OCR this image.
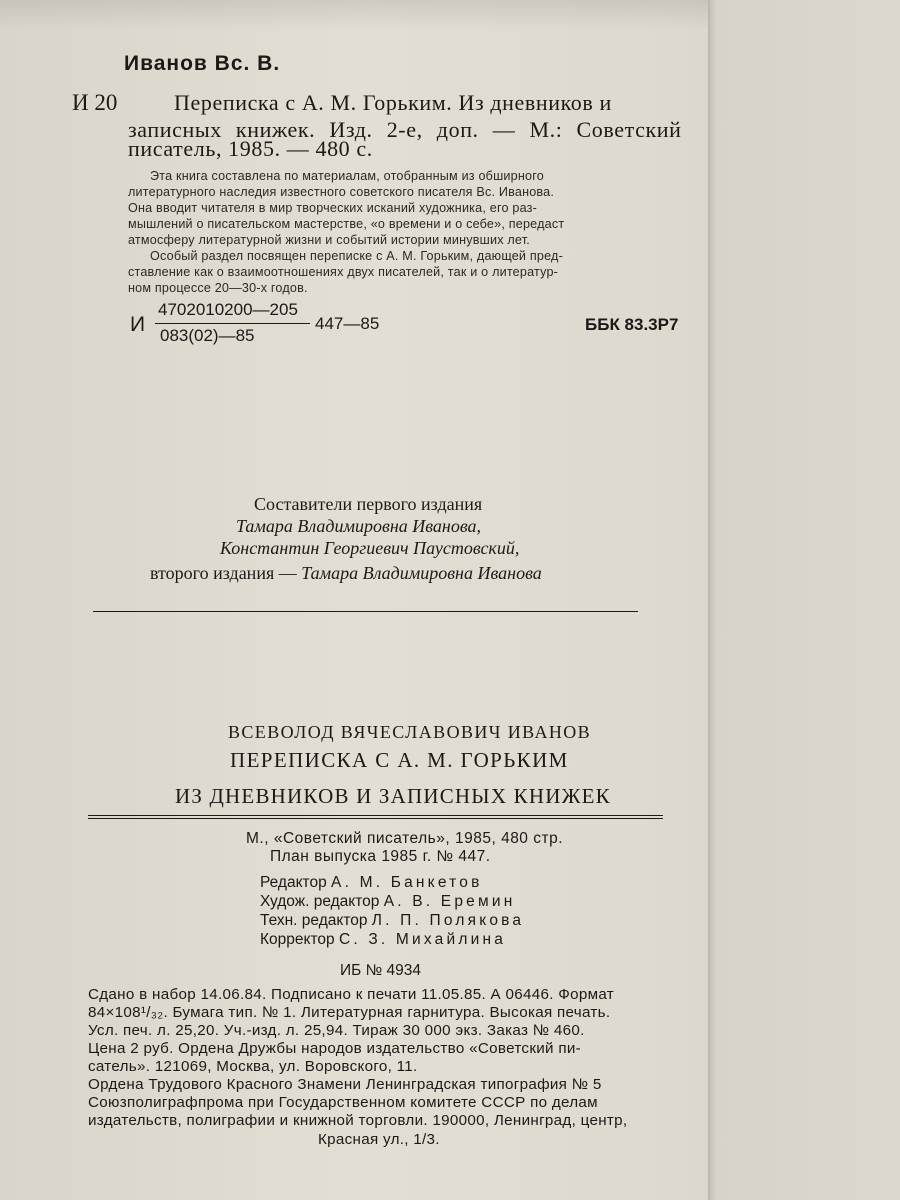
Иванов Вс. В.
И 20	Переписка с А. М. Горьким. Из дневников и
записных книжек. Изд. 2-е, доп. — М.: Советский
писатель, 1985. — 480 с.
Эта книга составлена по материалам, отобранным из обширного
литературного наследия известного советского писателя Вс. Иванова.
Она вводит читателя в мир творческих исканий художника, его раз-
мышлений о писательском мастерстве, «о времени и о себе», передаст
атмосферу литературной жизни и событий истории минувших лет.
Особый раздел посвящен переписке с А. М. Горьким, дающей пред-
ставление как о взаимоотношениях двух писателей, так и о литератур-
ном процессе 20—30-х годов.
И
4702010200—205
083(02)—85
447—85	ББК 83.3Р7
Составители первого издания
Тамара Владимировна Иванова,
Константин Георгиевич Паустовский,
второго издания — Тамара Владимировна Иванова
ВСЕВОЛОД ВЯЧЕСЛАВОВИЧ ИВАНОВ
ПЕРЕПИСКА С А. М. ГОРЬКИМ
ИЗ ДНЕВНИКОВ И ЗАПИСНЫХ КНИЖЕК
М., «Советский писатель», 1985, 480 стр.
План выпуска 1985 г. № 447.
Редактор А. М. Банкетов
Худож. редактор А. В. Еремин
Техн. редактор Л. П. Полякова
Корректор С. З. Михайлина
ИБ № 4934
Сдано в набор 14.06.84. Подписано к печати 11.05.85. А 06446. Формат
84×108¹/₃₂. Бумага тип. № 1. Литературная гарнитура. Высокая печать.
Усл. печ. л. 25,20. Уч.-изд. л. 25,94. Тираж 30 000 экз. Заказ № 460.
Цена 2 руб. Ордена Дружбы народов издательство «Советский пи-
сатель». 121069, Москва, ул. Воровского, 11.
Ордена Трудового Красного Знамени Ленинградская типография № 5
Союзполиграфпрома при Государственном комитете СССР по делам
издательств, полиграфии и книжной торговли. 190000, Ленинград, центр,
Красная ул., 1/3.
